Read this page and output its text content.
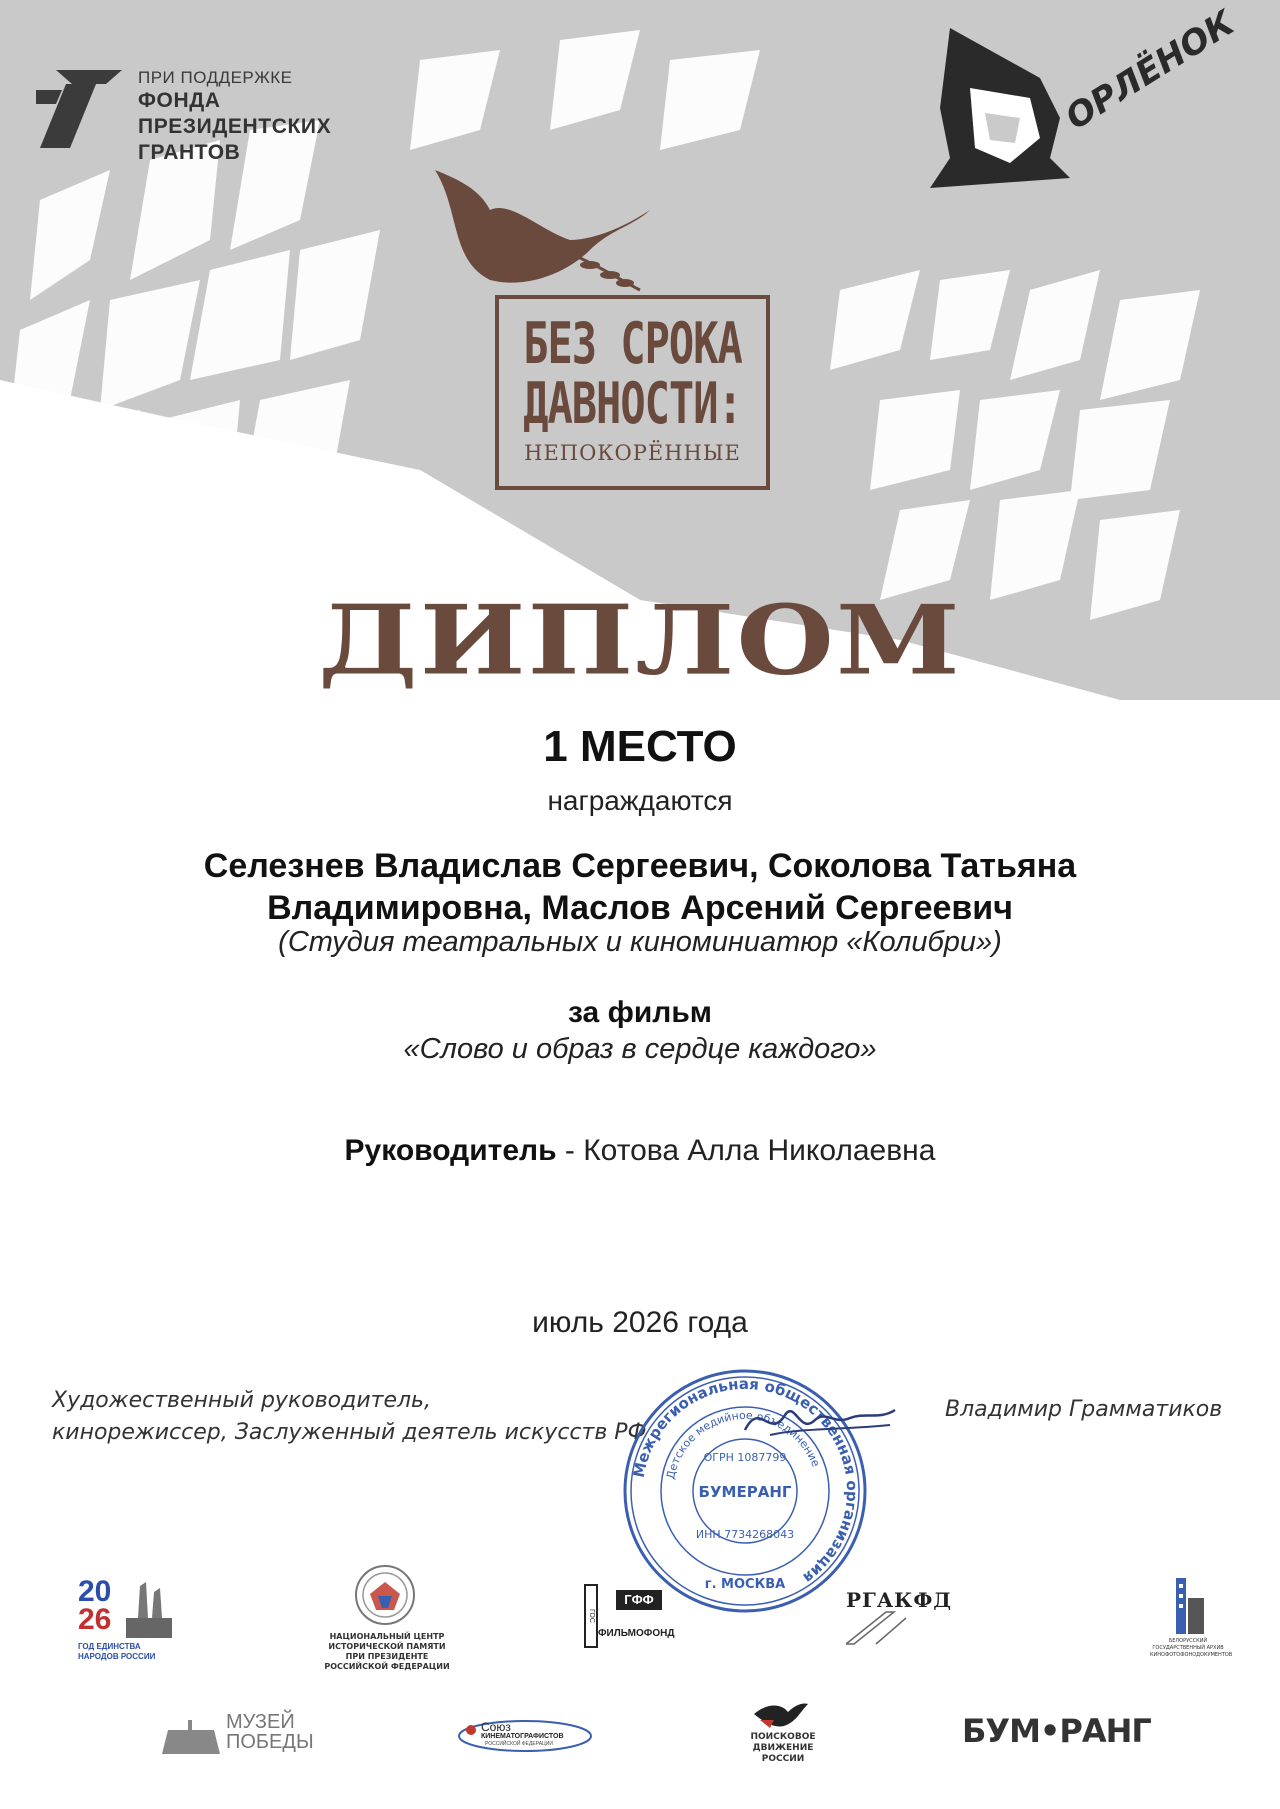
ПРИ ПОДДЕРЖКЕ
ФОНДА
ПРЕЗИДЕНТСКИХ
ГРАНТОВ
ОРЛЁНОК
БЕЗ СРОКА
ДАВНОСТИ:
НЕПОКОРЁННЫЕ
ДИПЛОМ
1 МЕСТО
награждаются
Селезнев Владислав Сергеевич, Соколова Татьяна
Владимировна, Маслов Арсений Сергеевич
(Студия театральных и киноминиатюр «Колибри»)
за фильм
«Слово и образ в сердце каждого»
Руководитель - Котова Алла Николаевна
июль 2026 года
Художественный руководитель,
кинорежиссер, Заслуженный деятель искусств РФ
Межрегиональная общественная организация
Детское медийное объединение
ОГРН 1087799
БУМЕРАНГ
ИНН 7734268043
г. МОСКВА
Владимир Грамматиков
20
26
ГОД ЕДИНСТВА
НАРОДОВ РОССИИ
НАЦИОНАЛЬНЫЙ ЦЕНТР
ИСТОРИЧЕСКОЙ ПАМЯТИ
ПРИ ПРЕЗИДЕНТЕ
РОССИЙСКОЙ ФЕДЕРАЦИИ
ГОС
ГФФ
ФИЛЬМОФОНД
РГАКФД
БЕЛОРУССКИЙ ГОСУДАРСТВЕННЫЙ АРХИВ КИНОФОТОФОНОДОКУМЕНТОВ
МУЗЕЙ
ПОБЕДЫ
Союз
КИНЕМАТОГРАФИСТОВ
РОССИЙСКОЙ ФЕДЕРАЦИИ
ПОИСКОВОЕ
ДВИЖЕНИЕ
РОССИИ
БУМ•РАНГ
